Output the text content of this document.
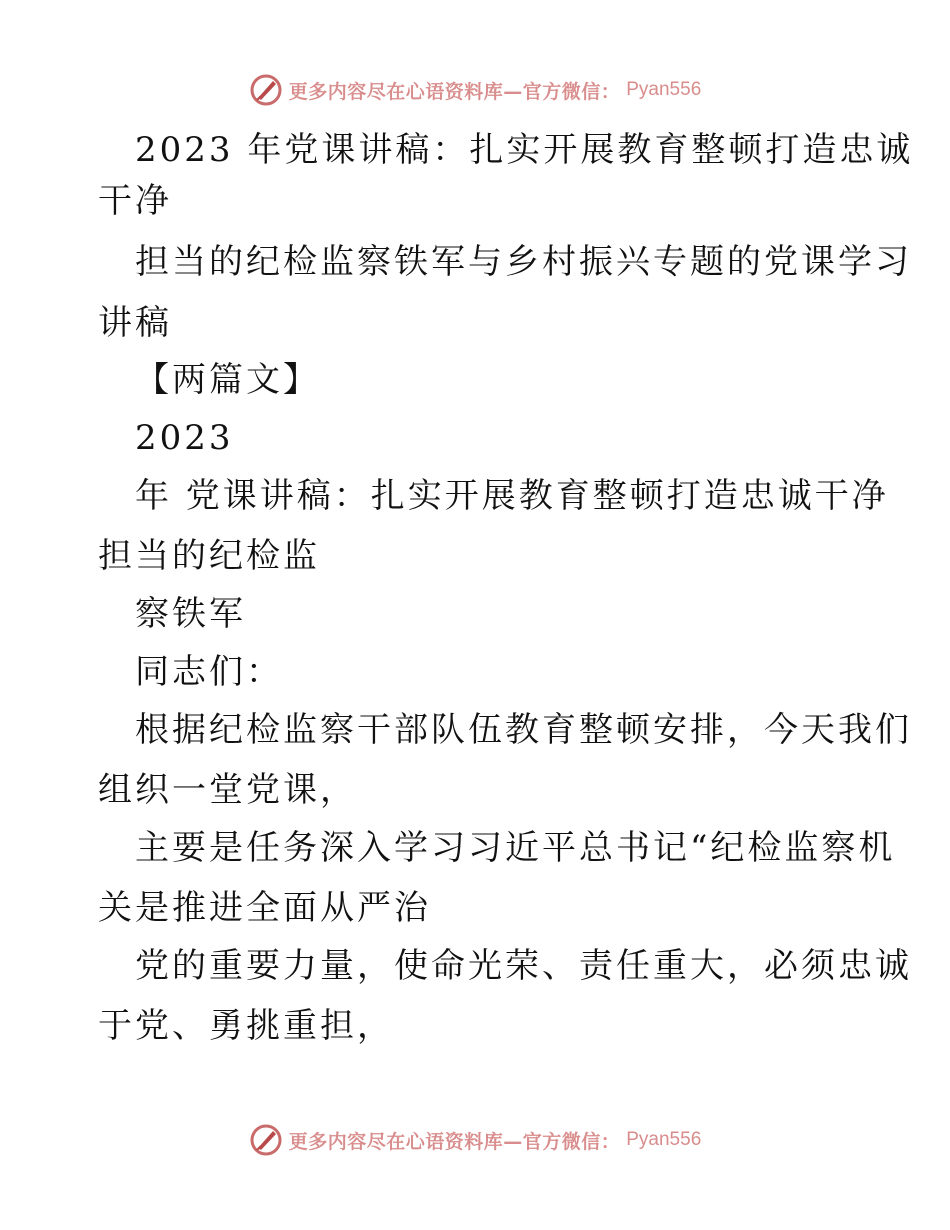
更多内容尽在心语资料库—官方微信： Pyan556
2023 年党课讲稿：扎实开展教育整顿打造忠诚
干净
担当的纪检监察铁军与乡村振兴专题的党课学习
讲稿
【两篇文】
2023
年 党课讲稿：扎实开展教育整顿打造忠诚干净
担当的纪检监
察铁军
同志们：
根据纪检监察干部队伍教育整顿安排，今天我们
组织一堂党课，
主要是任务深入学习习近平总书记“纪检监察机
关是推进全面从严治
党的重要力量，使命光荣、责任重大，必须忠诚
于党、勇挑重担，
更多内容尽在心语资料库—官方微信： Pyan556
